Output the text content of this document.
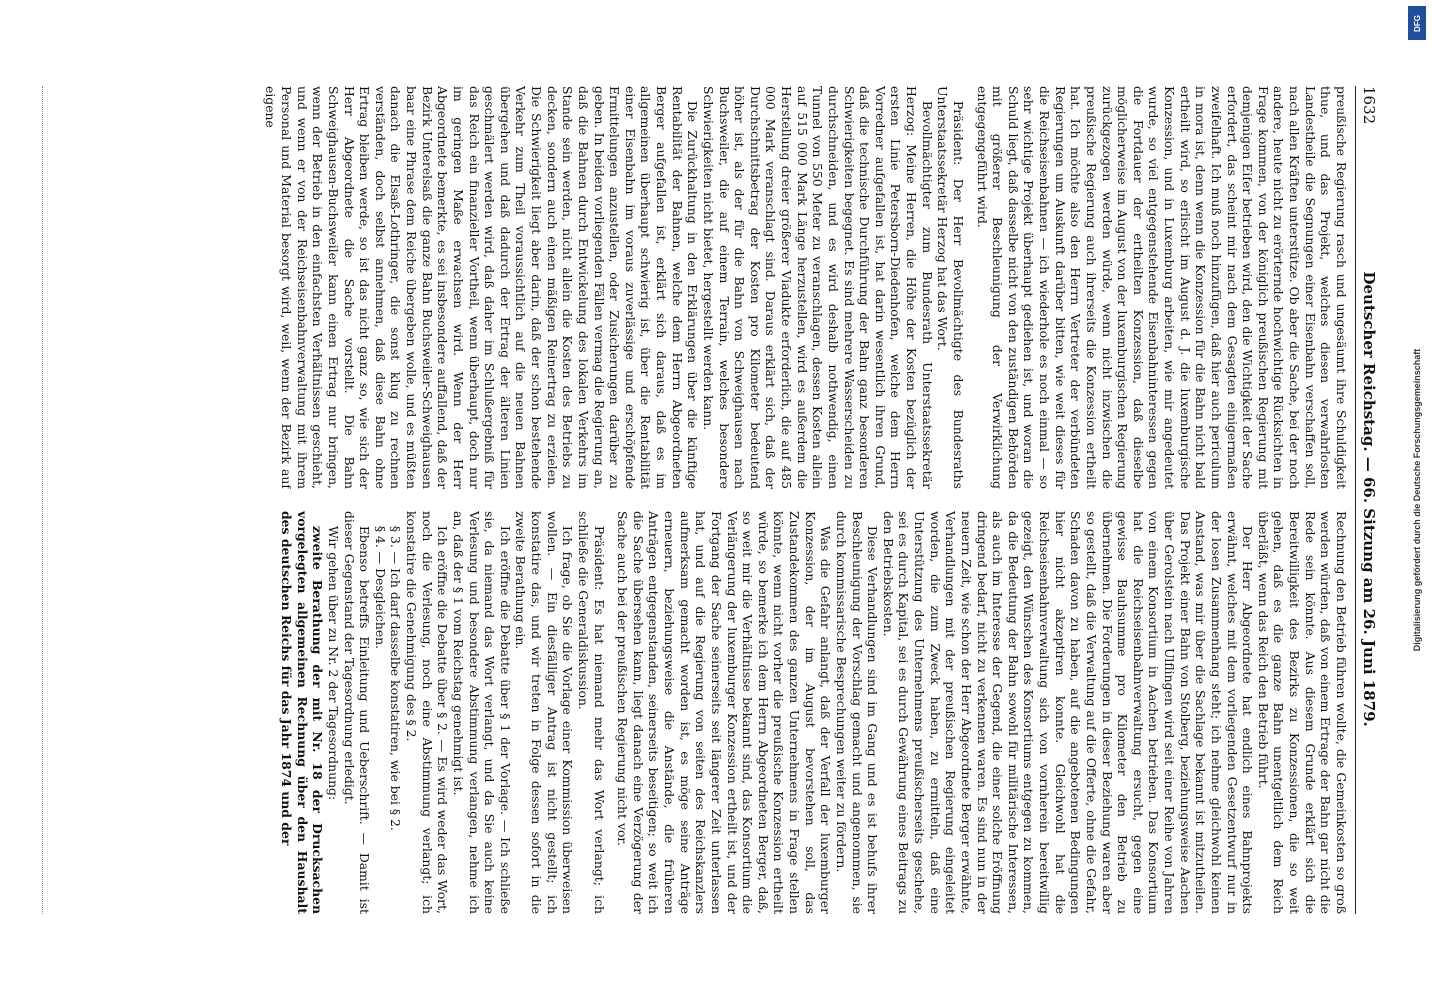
1632
Deutscher Reichstag. — 66. Sitzung am 26. Juni 1879.

preußische Regierung rasch und ungesäumt ihre Schuldigkeit thue, und das Projekt, welches diesen verwahrlosten Landestheile die Segnungen einer Eisenbahn verschaffen soll, nach allen Kräften unterstütze. Ob aber die Sache, bei der noch andere, heute nicht zu erörternde hochwichtige Rücksichten in Frage kommen, von der königlich preußischen Regierung mit demjenigen Eifer betrieben wird, den die Wichtigkeit der Sache erfordert, das scheint mir nach dem Gesagten einigermaßen zweifelhaft. Ich muß noch hinzufügen, daß hier auch periculum in mora ist, denn wenn die Konzession für die Bahn nicht bald ertheilt wird, so erlischt im August d. J. die luxemburgische Konzession, und in Luxemburg arbeiten, wie mir angedeutet wurde, so viel entgegenstehende Eisenbahninteressen gegen die Fortdauer der ertheilten Konzession, daß dieselbe möglicherweise im August von der luxemburgischen Regierung zurückgezogen werden würde, wenn nicht inzwischen die preußische Regierung auch ihrerseits die Konzession ertheilt hat. Ich möchte also den Herrn Vertreter der verbündeten Regierungen um Auskunft darüber bitten, wie weit dieses für die Reichseisenbahnen — ich wiederhole es noch einmal — so sehr wichtige Projekt überhaupt gediehen ist, und woran die Schuld liegt, daß dasselbe nicht von den zuständigen Behörden mit größerer Beschleunigung der Verwirklichung entgegengeführt wird.

Präsident: Der Herr Bevollmächtigte des Bundesraths Unterstaatssekretär Herzog hat das Wort.

Bevollmächtigter zum Bundesrath Unterstaatssekretär Herzog: Meine Herren, die Höhe der Kosten bezüglich der ersten Linie Petersborn-Diedenhofen, welche dem Herrn Vorredner aufgefallen ist, hat darin wesentlich ihren Grund, daß die technische Durchführung der Bahn ganz besonderen Schwierigkeiten begegnet. Es sind mehrere Wasserscheiden zu durchschneiden, und es wird deshalb nothwendig, einen Tunnel von 550 Meter zu veranschlagen, dessen Kosten allein auf 515 000 Mark Länge herzustellen, wird es außerdem die Herstellung dreier größerer Viadukte erforderlich, die auf 485 000 Mark veranschlagt sind. Daraus erklärt sich, daß der Durchschnittsbetrag der Kosten pro Kilometer bedeutend höher ist, als der für die Bahn von Schweighausen nach Buchsweiler, die auf einem Terrain, welches besondere Schwierigkeiten nicht bietet, hergestellt werden kann.

Die Zurückhaltung in den Erklärungen über die künftige Rentabilität der Bahnen, welche dem Herrn Abgeordneten Berger aufgefallen ist, erklärt sich daraus, daß es im allgemeinen überhaupt schwierig ist, über die Rentabilität einer Eisenbahn im voraus zuverlässige und erschöpfende Ermittelungen anzustellen, oder Zusicherungen darüber zu geben. In beiden vorliegenden Fällen vermag die Regierung an, daß die Bahnen durch Entwickelung des lokalen Verkehrs im Stande sein werden, nicht allein die Kosten des Betriebs zu decken, sondern auch einen mäßigen Reinertrag zu erzielen. Die Schwierigkeit liegt aber darin, daß der schon bestehende Verkehr zum Theil voraussichtlich auf die neuen Bahnen übergehen und daß dadurch der Ertrag der älteren Linien geschmälert werden wird, daß daher im Schlußergebniß für das Reich ein finanzieller Vortheil, wenn überhaupt, doch nur im geringen Maße erwachsen wird. Wenn der Herr Abgeordnete bemerkte, es sei insbesondere auffallend, daß der Bezirk Unterelsaß die ganze Bahn Buchsweiler-Schweighausen baar eine Phrase dem Reiche übergeben wolle, und es müßten danach die Elsaß-Lothringer, die sonst klug zu rechnen verständen, doch selbst annehmen, daß diese Bahn ohne Ertrag bleiben werde, so ist das nicht ganz so, wie sich der Herr Abgeordnete die Sache vorstellt. Die Bahn Schweighausen-Buchsweiler kann einen Ertrag nur bringen, wenn der Betrieb in den einfachsten Verhältnissen geschieht, und wenn er von der Reichseisenbahnverwaltung mit ihrem Personal und Material besorgt wird, weil, wenn der Bezirk auf eigene

Rechnung den Betrieb führen wollte, die Gemeinkosten so groß werden würden, daß von einem Ertrage der Bahn gar nicht die Rede sein könnte. Aus diesem Grunde erklärt sich die Bereitwilligkeit des Bezirks zu Konzessionen, die so weit gehen, daß es die ganze Bahn unentgeltlich dem Reich überläßt, wenn das Reich den Betrieb führt.

Der Herr Abgeordnete hat endlich eines Bahnprojekts erwähnt, welches mit dem vorliegenden Gesetzentwurf nur in der losen Zusammenhang steht; ich nehme gleichwohl keinen Anstand, was mir über die Sachlage bekannt ist mitzutheilen. Das Projekt einer Bahn von Stolberg, beziehungsweise Aachen über Gerolstein nach Ulflingen wird seit einer Reihe von Jahren von einem Konsortium in Aachen betrieben. Das Konsortium hat die Reichseisenbahnverwaltung ersucht, gegen eine gewisse Bauhsumme pro Kilometer den Betrieb zu übernehmen. Die Forderungen in dieser Beziehung waren aber so gestellt, daß die Verwaltung auf die Offerte, ohne die Gefahr, Schaden davon zu haben, auf die angebotenen Bedingungen hier nicht akzeptiren konnte. Gleichwohl hat die Reichseisenbahnverwaltung sich von vornherein bereitwillig gezeigt, den Wünschen des Konsortiums entgegen zu kommen, da die Bedeutung der Bahn sowohl für militärische Interessen, als auch im Interesse der Gegend, die einer solche Eröffnung dringend bedarf, nicht zu verkennen waren. Es sind nun in der neuern Zeit, wie schon der Herr Abgeordnete Berger erwähnte, Verhandlungen mit der preußischen Regierung eingeleitet worden, die zum Zweck haben, zu ermitteln, daß eine Unterstützung des Unternehmens preußischerseits geschehe, sei es durch Kapital, sei es durch Gewährung eines Beitrags zu den Betriebskosten.

Diese Verhandlungen sind im Gang und es ist behufs ihrer Beschleunigung der Vorschlag gemacht und angenommen, sie durch kommissarische Besprechungen weiter zu fördern.

Was die Gefahr anlangt, daß der Verfall der luxemburger Konzession, der im August bevorstehen soll, das Zustandekommen des ganzen Unternehmens in Frage stellen könnte, wenn nicht vorher die preußische Konzession ertheilt würde, so bemerke ich dem Herrn Abgeordneten Berger, daß, so weit mir die Verhältnisse bekannt sind, das Konsortium die Verlängerung der luxemburger Konzession ertheilt ist, und der Fortgang der Sache seinerseits seit längerer Zeit unterlassen hat, und auf die Regierung von seiten des Reichskanzlers aufmerksam gemacht worden ist, es möge seine Anträge erneuern, beziehungsweise die Anstände, die früheren Anträgen entgegenstanden, seinerseits beseitigen; so weit ich die Sache übersehen kann, liegt danach eine Verzögerung der Sache auch bei der preußischen Regierung nicht vor.

Präsident: Es hat niemand mehr das Wort verlangt; ich schließe die Generaldiskussion.

Ich frage, ob Sie die Vorlage einer Kommission überweisen wollen. — Ein diesfälliger Antrag ist nicht gestellt; ich konstatire das, und wir treten in Folge dessen sofort in die zweite Berathung ein.

Ich eröffne die Debatte über § 1 der Vorlage. — Ich schließe sie, da niemand das Wort verlangt, und da Sie auch keine Verlesung und besondere Abstimmung verlangen, nehme ich an, daß der § 1 vom Reichstag genehmigt ist.

Ich eröffne die Debatte über § 2. — Es wird weder das Wort, noch die Verlesung, noch eine Abstimmung verlangt; ich konstatire die Genehmigung des § 2.

§ 3. — Ich darf dasselbe konstatiren, wie bei § 2.

§ 4. — Desgleichen.

Ebenso betreffs Einleitung und Ueberschrift. — Damit ist dieser Gegenstand der Tagesordnung erledigt.

Wir gehen über zu Nr. 2 der Tagesordnung:

zweite Berathung der mit Nr. 18 der Drucksachen vorgelegten allgemeinen Rechnung über den Haushalt des deutschen Reichs für das Jahr 1874 und der

DFG
Digitalisierung gefördert durch die Deutsche Forschungsgemeinschaft
